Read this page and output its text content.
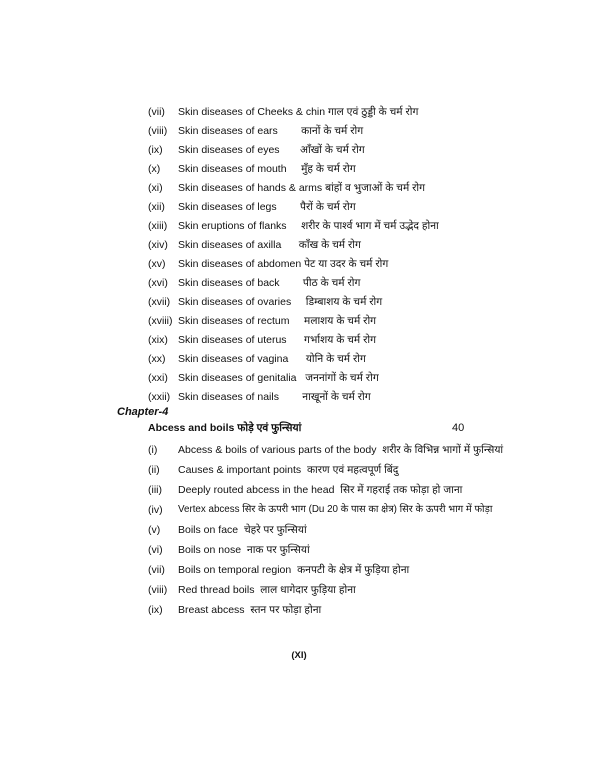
(vii) Skin diseases of Cheeks & chin गाल एवं ठुड्डी के चर्म रोग
(viii) Skin diseases of ears        कानों के चर्म रोग
(ix) Skin diseases of eyes       आँखों के चर्म रोग
(x) Skin diseases of mouth     मुँह के चर्म रोग
(xi) Skin diseases of hands & arms बांहों व भुजाओं के चर्म रोग
(xii) Skin diseases of legs        पैरों के चर्म रोग
(xiii) Skin eruptions of flanks     शरीर के पार्श्व भाग में चर्म उद्भेद होना
(xiv) Skin diseases of axilla      काँख के चर्म रोग
(xv) Skin diseases of abdomen पेट या उदर के चर्म रोग
(xvi) Skin diseases of back        पीठ के चर्म रोग
(xvii) Skin diseases of ovaries     डिम्बाशय के चर्म रोग
(xviii) Skin diseases of rectum     मलाशय के चर्म रोग
(xix) Skin diseases of uterus      गर्भाशय के चर्म रोग
(xx) Skin diseases of vagina      योनि के चर्म रोग
(xxi) Skin diseases of genitalia   जननांगों के चर्म रोग
(xxii) Skin diseases of nails        नाखूनों के चर्म रोग
Chapter-4
Abcess and boils फोड़े एवं फुन्सियां	40
(i) Abcess & boils of various parts of the body  शरीर के विभिन्न भागों में फुन्सियां
(ii) Causes & important points  कारण एवं महत्वपूर्ण बिंदु
(iii) Deeply routed abcess in the head  सिर में गहराई तक फोड़ा हो जाना
(iv) Vertex abcess सिर के ऊपरी भाग (Du 20 के पास का क्षेत्र) सिर के ऊपरी भाग में फोड़ा
(v) Boils on face  चेहरे पर फुन्सियां
(vi) Boils on nose  नाक पर फुन्सियां
(vii) Boils on temporal region  कनपटी के क्षेत्र में फुड़िया होना
(viii) Red thread boils  लाल धागेदार फुड़िया होना
(ix) Breast abcess  स्तन पर फोड़ा होना
(XI)
